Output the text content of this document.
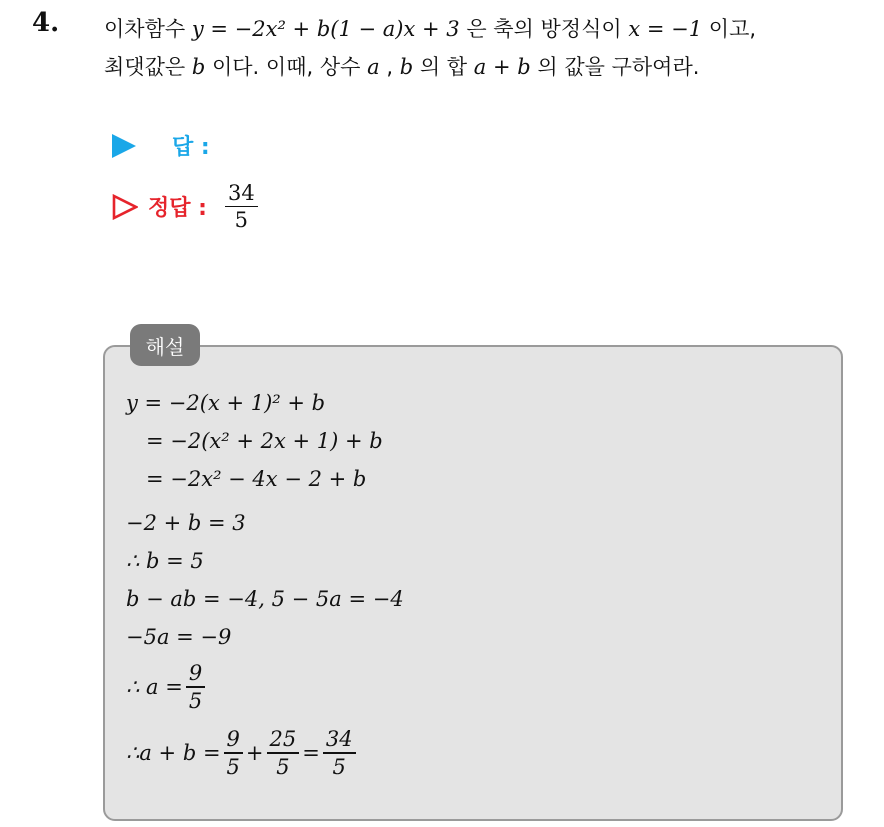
4. 이차함수 y = −2x² + b(1 − a)x + 3 은 축의 방정식이 x = −1 이고,
최댓값은 b 이다. 이때, 상수 a , b 의 합 a + b 의 값을 구하여라.
답 :
정답 : $\frac{34}{5}$
해설
y = −2(x + 1)² + b
= −2(x² + 2x + 1) + b
= −2x² − 4x − 2 + b
−2 + b = 3
∴ b = 5
b − ab = −4, 5 − 5a = −4
−5a = −9
∴ $a = \frac{9}{5}$
∴a + $b = \frac{9}{5} + \frac{25}{5} = \frac{34}{5}$
